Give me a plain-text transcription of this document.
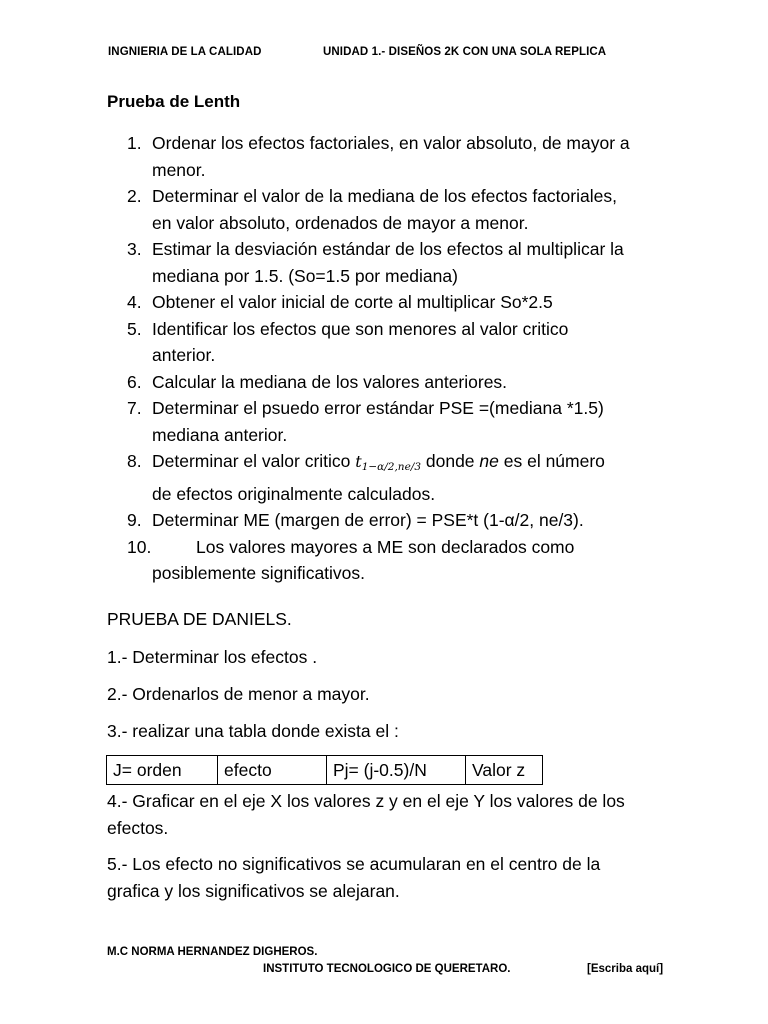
INGNIERIA DE LA CALIDAD	UNIDAD 1.- DISEÑOS 2K CON UNA SOLA REPLICA
Prueba de Lenth
1. Ordenar los efectos factoriales, en valor absoluto, de mayor a
menor.
2. Determinar el valor de la mediana de los efectos factoriales,
en valor absoluto, ordenados de mayor a menor.
3. Estimar la desviación estándar de los efectos al multiplicar la
mediana por 1.5. (So=1.5 por mediana)
4. Obtener el valor inicial de corte al multiplicar So*2.5
5. Identificar los efectos que son menores al valor critico
anterior.
6. Calcular la mediana de los valores anteriores.
7. Determinar el psuedo error estándar PSE =(mediana *1.5)
mediana anterior.
8. Determinar el valor critico $t_{1-\alpha/2,ne/3}$ donde ne es el número
de efectos originalmente calculados.
9. Determinar ME (margen de error) = PSE*t (1-α/2, ne/3).
10.	Los valores mayores a ME son declarados como
posiblemente significativos.
PRUEBA DE DANIELS.
1.- Determinar los efectos .
2.- Ordenarlos de menor a mayor.
3.- realizar una tabla donde exista el :
J= orden	efecto	Pj= (j-0.5)/N	Valor z
4.- Graficar en el eje X los valores z y en el eje Y los valores de los
efectos.
5.- Los efecto no significativos se acumularan en el centro de la
grafica y los significativos se alejaran.
M.C NORMA HERNANDEZ DIGHEROS.
INSTITUTO TECNOLOGICO DE QUERETARO.	[Escriba aquí]
